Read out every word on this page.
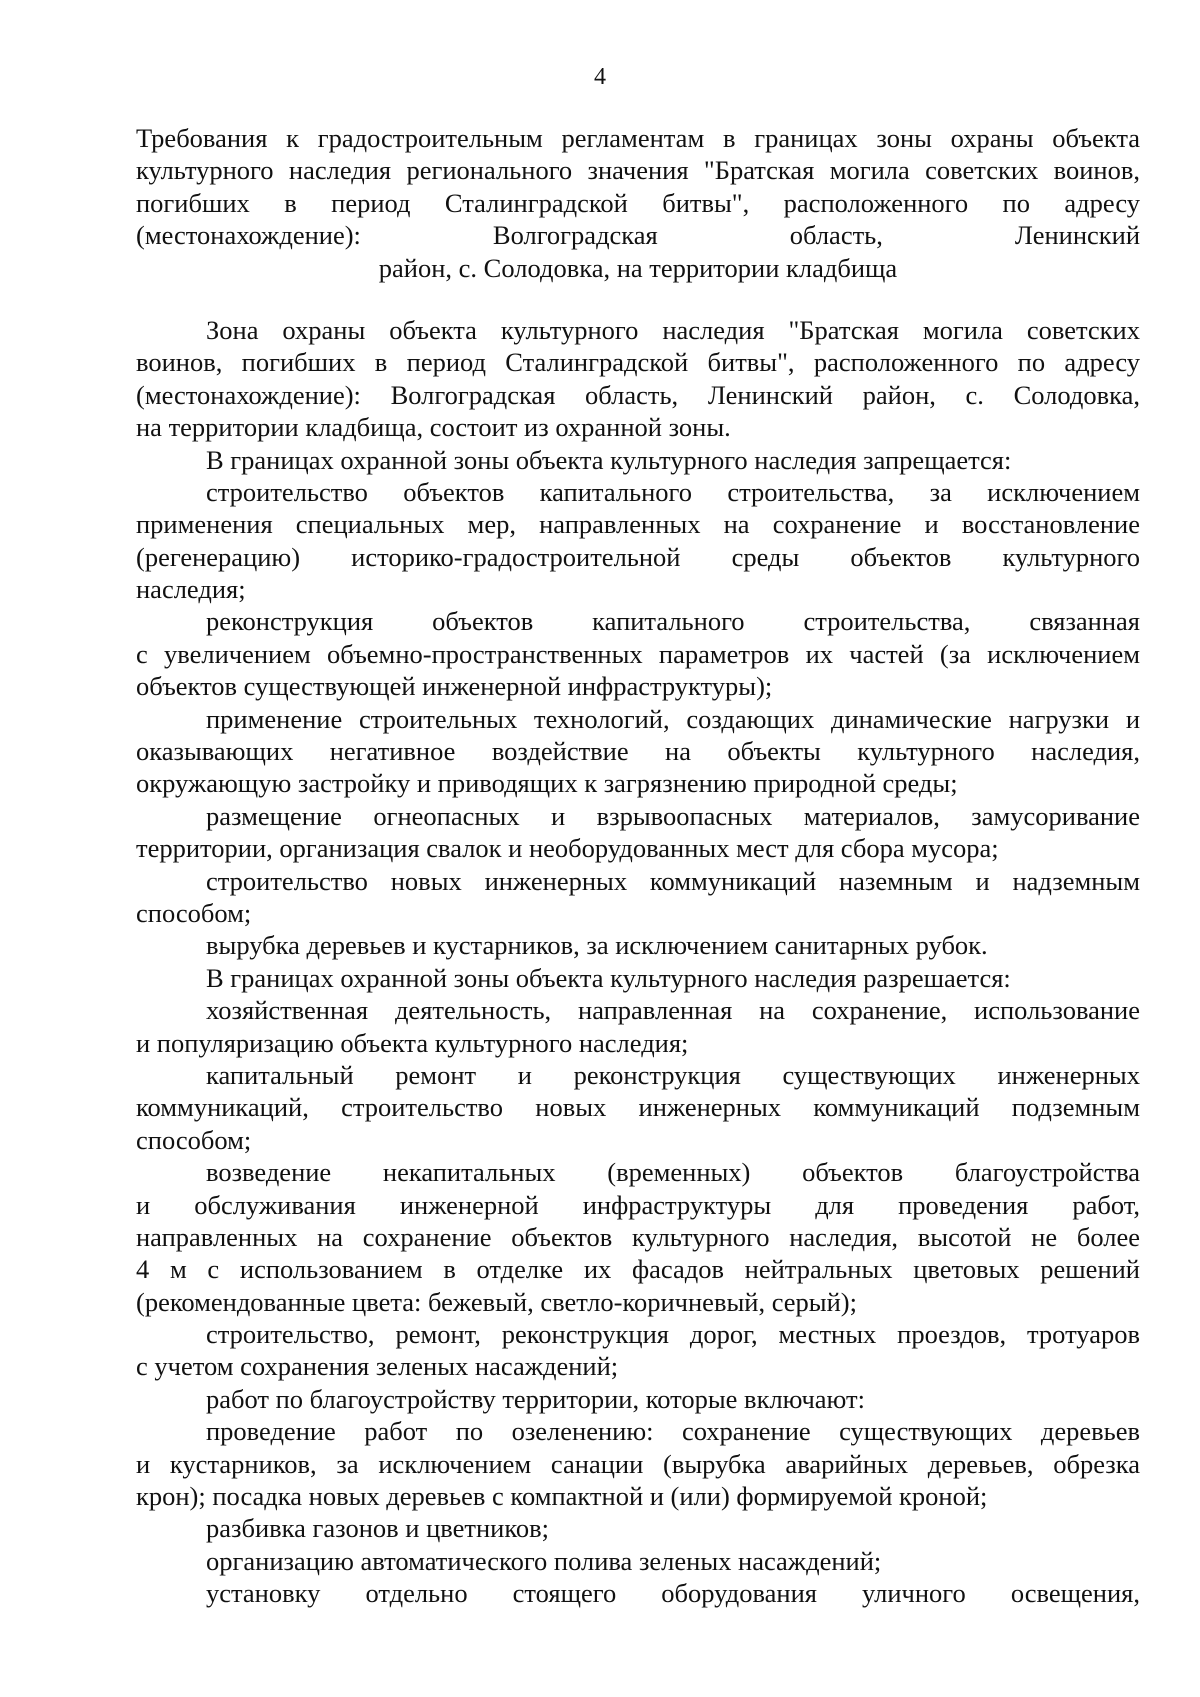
4
Требования к градостроительным регламентам в границах зоны охраны объекта
культурного наследия регионального значения "Братская могила советских воинов,
погибших в период Сталинградской битвы", расположенного по адресу
(местонахождение): Волгоградская область, Ленинский
район, с. Солодовка, на территории кладбища
Зона охраны объекта культурного наследия "Братская могила советских
воинов, погибших в период Сталинградской битвы", расположенного по адресу
(местонахождение): Волгоградская область, Ленинский район, с. Солодовка,
на территории кладбища, состоит из охранной зоны.
В границах охранной зоны объекта культурного наследия запрещается:
строительство объектов капитального строительства, за исключением
применения специальных мер, направленных на сохранение и восстановление
(регенерацию) историко-градостроительной среды объектов культурного
наследия;
реконструкция объектов капитального строительства, связанная
с увеличением объемно-пространственных параметров их частей (за исключением
объектов существующей инженерной инфраструктуры);
применение строительных технологий, создающих динамические нагрузки и
оказывающих негативное воздействие на объекты культурного наследия,
окружающую застройку и приводящих к загрязнению природной среды;
размещение огнеопасных и взрывоопасных материалов, замусоривание
территории, организация свалок и необорудованных мест для сбора мусора;
строительство новых инженерных коммуникаций наземным и надземным
способом;
вырубка деревьев и кустарников, за исключением санитарных рубок.
В границах охранной зоны объекта культурного наследия разрешается:
хозяйственная деятельность, направленная на сохранение, использование
и популяризацию объекта культурного наследия;
капитальный ремонт и реконструкция существующих инженерных
коммуникаций, строительство новых инженерных коммуникаций подземным
способом;
возведение некапитальных (временных) объектов благоустройства
и обслуживания инженерной инфраструктуры для проведения работ,
направленных на сохранение объектов культурного наследия, высотой не более
4 м с использованием в отделке их фасадов нейтральных цветовых решений
(рекомендованные цвета: бежевый, светло-коричневый, серый);
строительство, ремонт, реконструкция дорог, местных проездов, тротуаров
с учетом сохранения зеленых насаждений;
работ по благоустройству территории, которые включают:
проведение работ по озеленению: сохранение существующих деревьев
и кустарников, за исключением санации (вырубка аварийных деревьев, обрезка
крон); посадка новых деревьев с компактной и (или) формируемой кроной;
разбивка газонов и цветников;
организацию автоматического полива зеленых насаждений;
установку отдельно стоящего оборудования уличного освещения,
